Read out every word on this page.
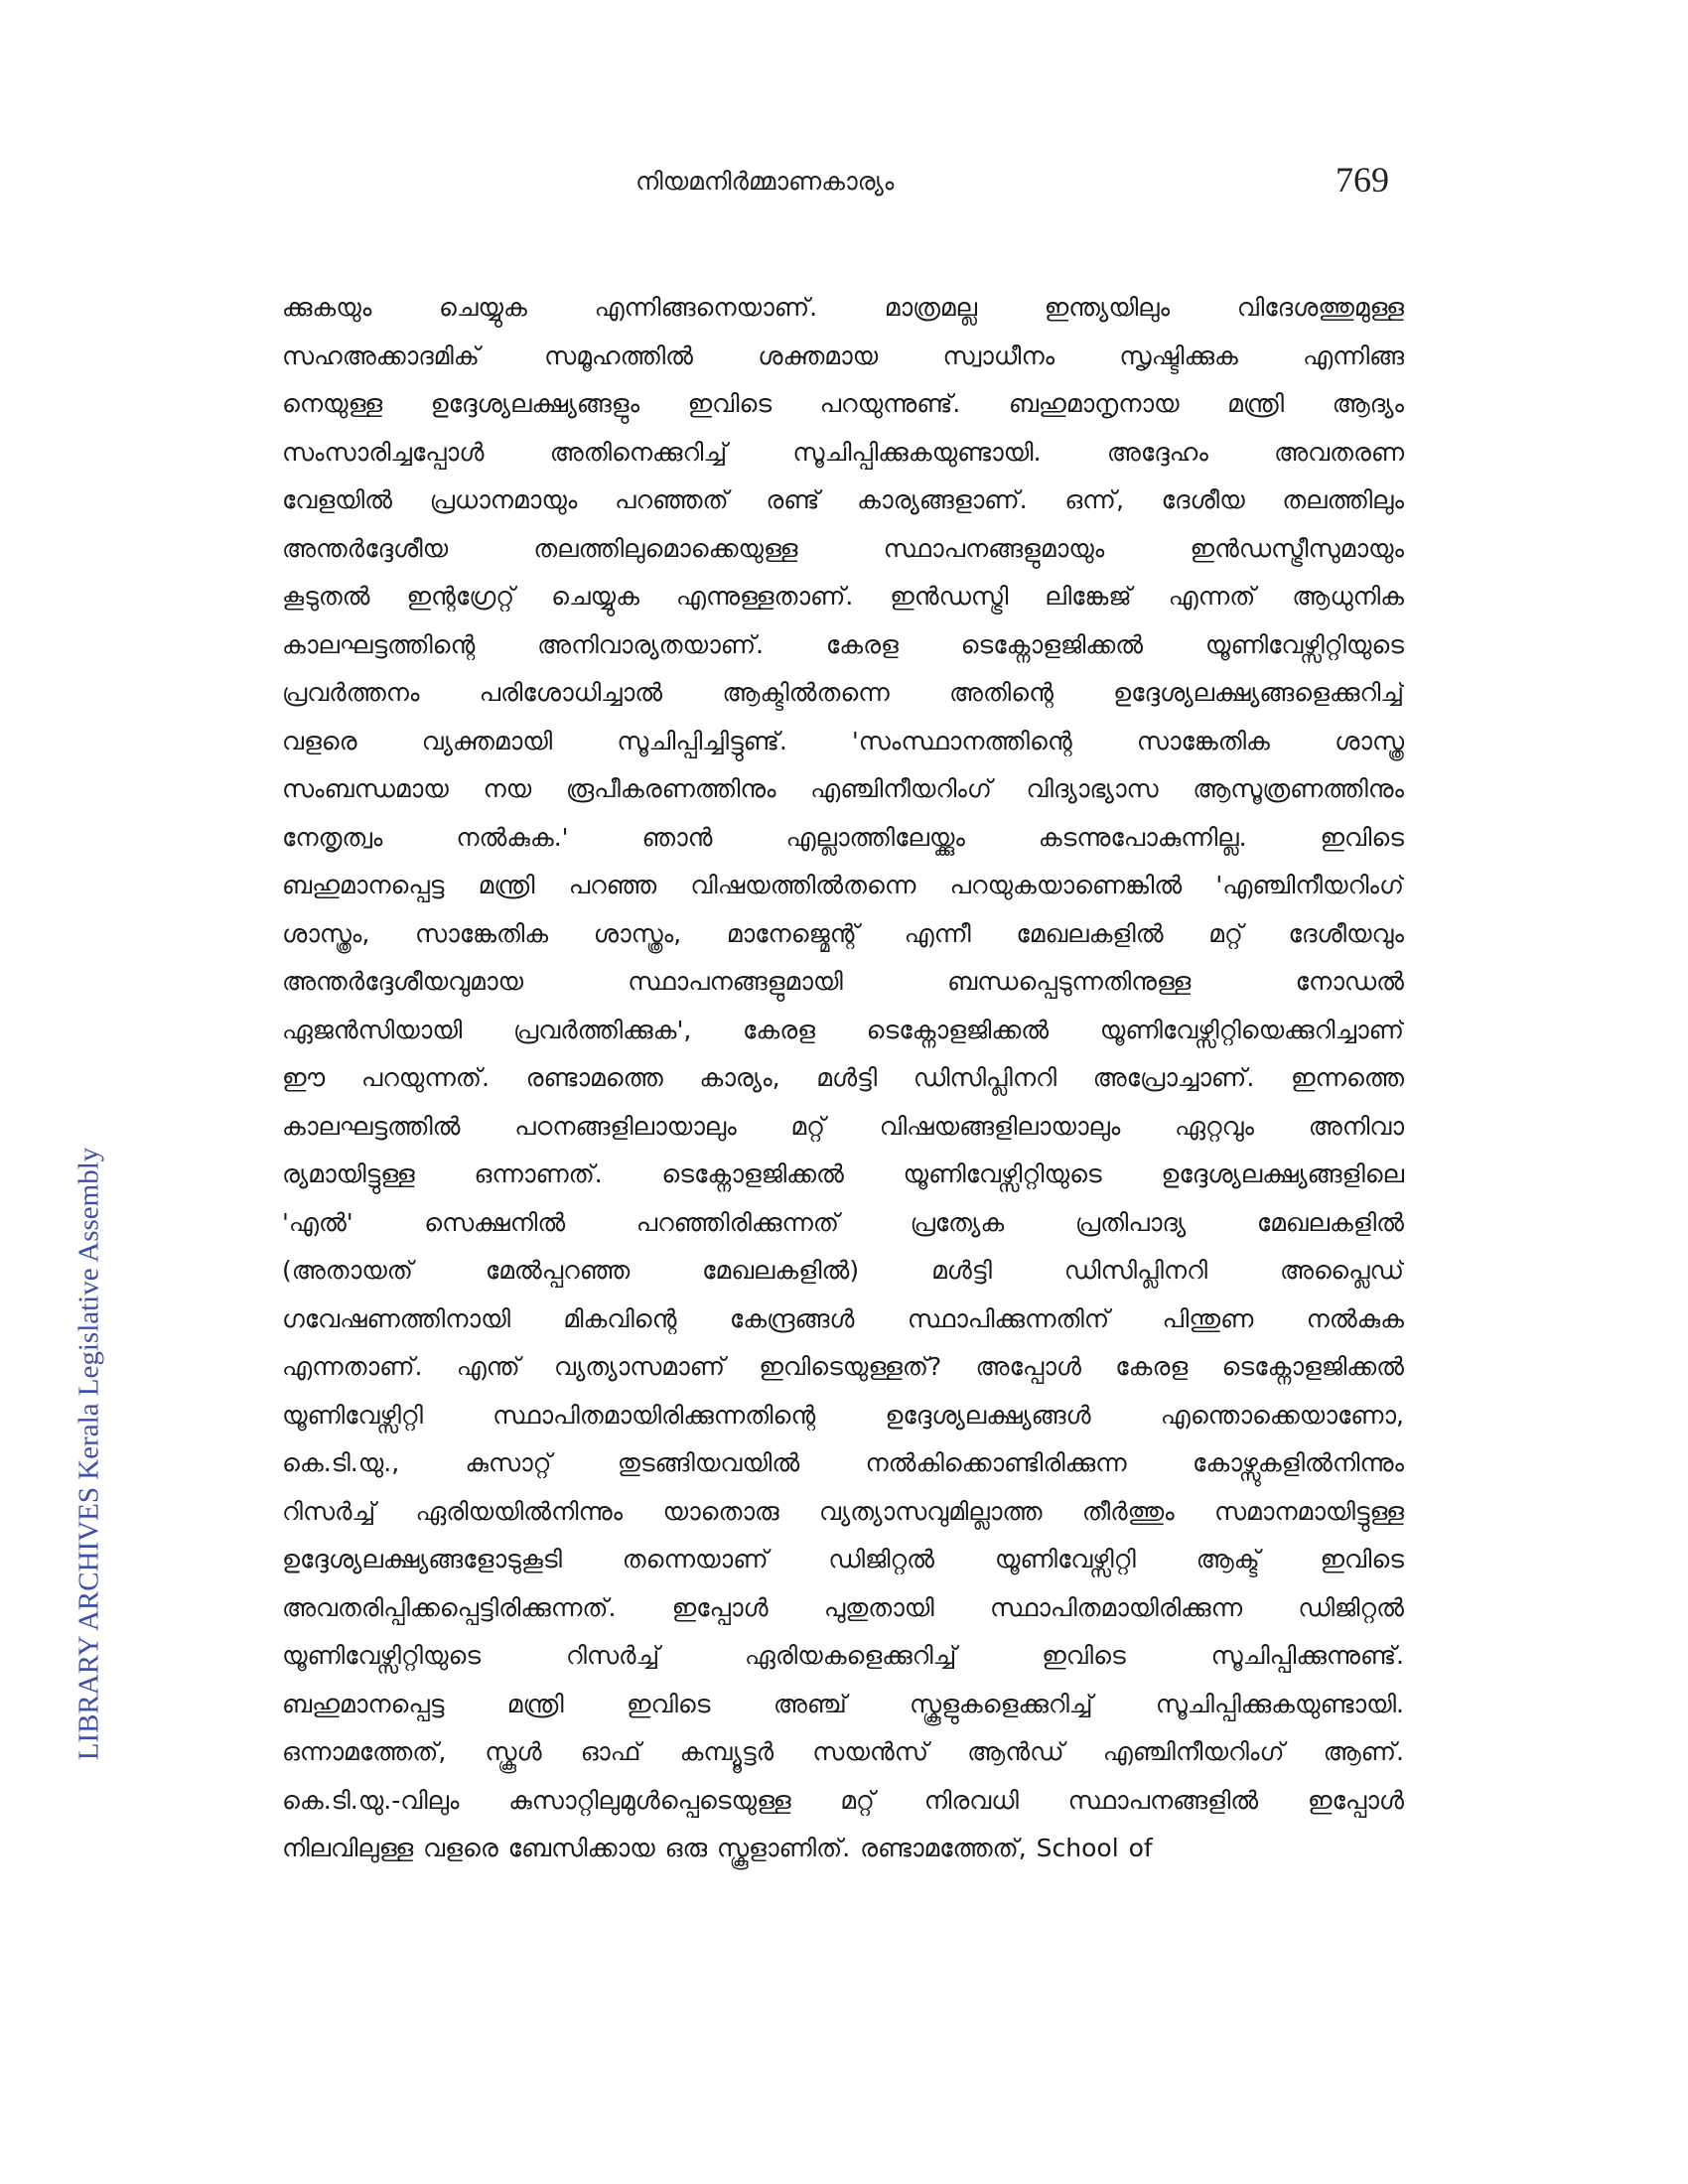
നിയമനിർമ്മാണകാര്യം	769
LIBRARY ARCHIVES Kerala Legislative Assembly
ക്കുകയും ചെയ്യുക എന്നിങ്ങനെയാണ്. മാത്രമല്ല ഇന്ത്യയിലും വിദേശത്തുമുള്ള
സഹഅക്കാദമിക് സമൂഹത്തിൽ ശക്തമായ സ്വാധീനം സൃഷ്ടിക്കുക എന്നിങ്ങ
നെയുള്ള ഉദ്ദേശ്യലക്ഷ്യങ്ങളും ഇവിടെ പറയുന്നുണ്ട്. ബഹുമാനൃനായ മന്ത്രി ആദ്യം
സംസാരിച്ചപ്പോൾ അതിനെക്കുറിച്ച് സൂചിപ്പിക്കുകയുണ്ടായി. അദ്ദേഹം അവതരണ
വേളയിൽ പ്രധാനമായും പറഞ്ഞത് രണ്ട് കാര്യങ്ങളാണ്. ഒന്ന്, ദേശീയ തലത്തിലും
അന്തർദ്ദേശീയ തലത്തിലുമൊക്കെയുള്ള സ്ഥാപനങ്ങളുമായും ഇൻഡസ്ട്രീസുമായും
കൂടുതൽ ഇന്റഗ്രേറ്റ് ചെയ്യുക എന്നുള്ളതാണ്. ഇൻഡസ്ട്രി ലിങ്കേജ് എന്നത് ആധുനിക
കാലഘട്ടത്തിന്റെ അനിവാര്യതയാണ്. കേരള ടെക്നോളജിക്കൽ യൂണിവേഴ്സിറ്റിയുടെ
പ്രവർത്തനം പരിശോധിച്ചാൽ ആക്ടിൽതന്നെ അതിന്റെ ഉദ്ദേശ്യലക്ഷ്യങ്ങളെക്കുറിച്ച്
വളരെ വ്യക്തമായി സൂചിപ്പിച്ചിട്ടുണ്ട്. 'സംസ്ഥാനത്തിന്റെ സാങ്കേതിക ശാസ്ത്ര
സംബന്ധമായ നയ രൂപീകരണത്തിനും എഞ്ചിനീയറിംഗ് വിദ്യാഭ്യാസ ആസൂത്രണത്തിനും
നേതൃത്വം നൽകുക.' ഞാൻ എല്ലാത്തിലേയ്ക്കും കടന്നുപോകുന്നില്ല. ഇവിടെ
ബഹുമാനപ്പെട്ട മന്ത്രി പറഞ്ഞ വിഷയത്തിൽതന്നെ പറയുകയാണെങ്കിൽ 'എഞ്ചിനീയറിംഗ്
ശാസ്ത്രം, സാങ്കേതിക ശാസ്ത്രം, മാനേജ്മെന്റ് എന്നീ മേഖലകളിൽ മറ്റ് ദേശീയവും
അന്തർദ്ദേശീയവുമായ സ്ഥാപനങ്ങളുമായി ബന്ധപ്പെടുന്നതിനുള്ള നോഡൽ
ഏജൻസിയായി പ്രവർത്തിക്കുക', കേരള ടെക്നോളജിക്കൽ യൂണിവേഴ്സിറ്റിയെക്കുറിച്ചാണ്
ഈ പറയുന്നത്. രണ്ടാമത്തെ കാര്യം, മൾട്ടി ഡിസിപ്ലിനറി അപ്രോച്ചാണ്. ഇന്നത്തെ
കാലഘട്ടത്തിൽ പഠനങ്ങളിലായാലും മറ്റ് വിഷയങ്ങളിലായാലും ഏറ്റവും അനിവാ
ര്യമായിട്ടുള്ള ഒന്നാണത്. ടെക്നോളജിക്കൽ യൂണിവേഴ്സിറ്റിയുടെ ഉദ്ദേശ്യലക്ഷ്യങ്ങളിലെ
'എൽ' സെക്ഷനിൽ പറഞ്ഞിരിക്കുന്നത് പ്രത്യേക പ്രതിപാദ്യ മേഖലകളിൽ
(അതായത് മേൽപ്പറഞ്ഞ മേഖലകളിൽ) മൾട്ടി ഡിസിപ്ലിനറി അപ്ലൈഡ്
ഗവേഷണത്തിനായി മികവിന്റെ കേന്ദ്രങ്ങൾ സ്ഥാപിക്കുന്നതിന് പിന്തുണ നൽകുക
എന്നതാണ്. എന്ത് വ്യത്യാസമാണ് ഇവിടെയുള്ളത്? അപ്പോൾ കേരള ടെക്നോളജിക്കൽ
യൂണിവേഴ്സിറ്റി സ്ഥാപിതമായിരിക്കുന്നതിന്റെ ഉദ്ദേശ്യലക്ഷ്യങ്ങൾ എന്തൊക്കെയാണോ,
കെ.ടി.യു., കുസാറ്റ് തുടങ്ങിയവയിൽ നൽകിക്കൊണ്ടിരിക്കുന്ന കോഴ്സുകളിൽനിന്നും
റിസർച്ച് ഏരിയയിൽനിന്നും യാതൊരു വ്യത്യാസവുമില്ലാത്ത തീർത്തും സമാനമായിട്ടുള്ള
ഉദ്ദേശ്യലക്ഷ്യങ്ങളോടുകൂടി തന്നെയാണ് ഡിജിറ്റൽ യൂണിവേഴ്സിറ്റി ആക്ട് ഇവിടെ
അവതരിപ്പിക്കപ്പെട്ടിരിക്കുന്നത്. ഇപ്പോൾ പുതുതായി സ്ഥാപിതമായിരിക്കുന്ന ഡിജിറ്റൽ
യൂണിവേഴ്സിറ്റിയുടെ റിസർച്ച് ഏരിയകളെക്കുറിച്ച് ഇവിടെ സൂചിപ്പിക്കുന്നുണ്ട്.
ബഹുമാനപ്പെട്ട മന്ത്രി ഇവിടെ അഞ്ച് സ്കൂളുകളെക്കുറിച്ച് സൂചിപ്പിക്കുകയുണ്ടായി.
ഒന്നാമത്തേത്, സ്കൂൾ ഓഫ് കമ്പ്യൂട്ടർ സയൻസ് ആൻഡ് എഞ്ചിനീയറിംഗ് ആണ്.
കെ.ടി.യു.-വിലും കുസാറ്റിലുമുൾപ്പെടെയുള്ള മറ്റ് നിരവധി സ്ഥാപനങ്ങളിൽ ഇപ്പോൾ
നിലവിലുള്ള വളരെ ബേസിക്കായ ഒരു സ്കൂളാണിത്. രണ്ടാമത്തേത്, School of
